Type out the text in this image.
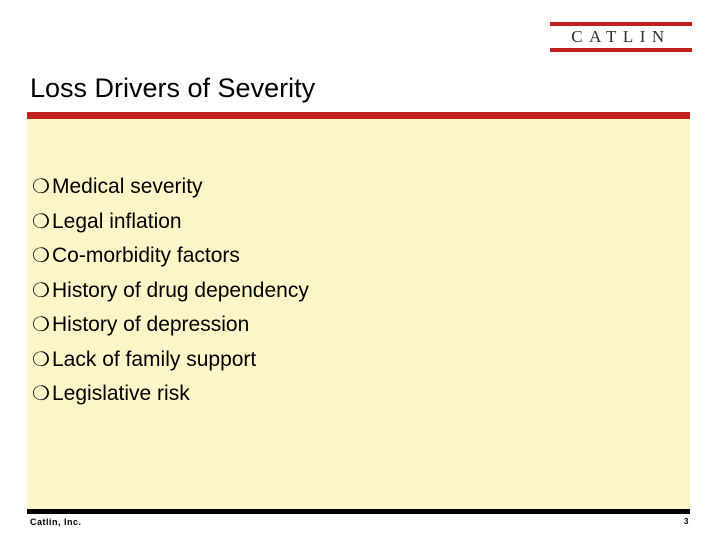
CATLIN
Loss Drivers of Severity
❍ Medical severity
❍ Legal inflation
❍ Co-morbidity factors
❍ History of drug dependency
❍ History of depression
❍ Lack of family support
❍ Legislative risk
Catlin, Inc.	3
